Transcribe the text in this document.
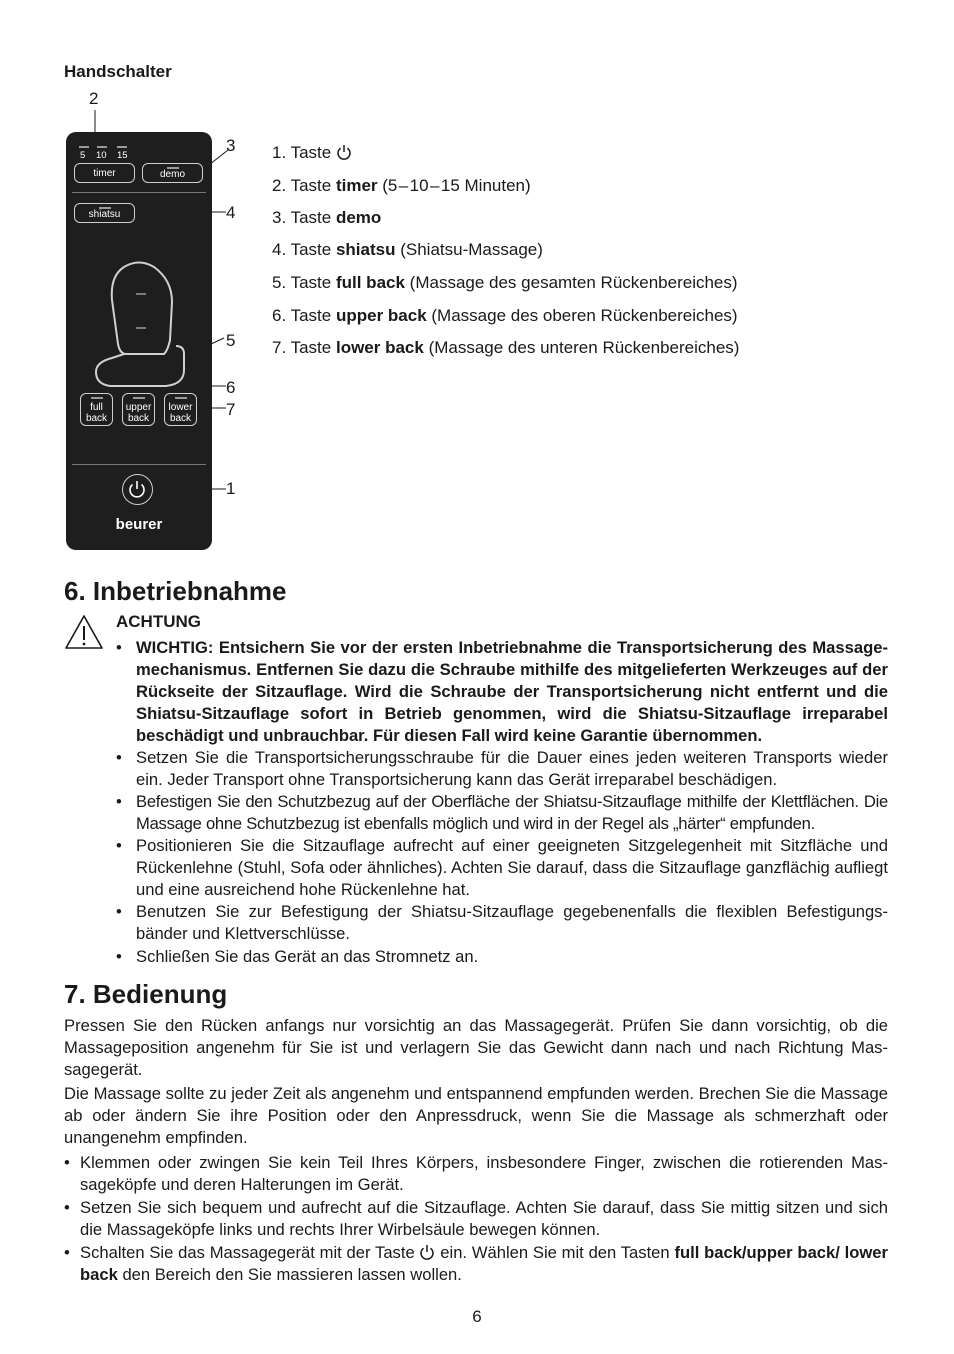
Handschalter
2
3
4
5
6
7
1
5 10 15
timer	demo
shiatsu
full
back
upper
back
lower
back
beurer
1. Taste
2. Taste timer (5 – 10 – 15 Minuten)
3. Taste demo
4. Taste shiatsu (Shiatsu-Massage)
5. Taste full back (Massage des gesamten Rückenbereiches)
6. Taste upper back (Massage des oberen Rückenbereiches)
7. Taste lower back (Massage des unteren Rückenbereiches)
6. Inbetriebnahme
ACHTUNG
• WICHTIG: Entsichern Sie vor der ersten Inbetriebnahme die Transportsicherung des Massage-mechanismus. Entfernen Sie dazu die Schraube mithilfe des mitgelieferten Werkzeuges auf der Rückseite der Sitzauflage. Wird die Schraube der Transportsicherung nicht entfernt und die Shiatsu-Sitzauflage sofort in Betrieb genommen, wird die Shiatsu-Sitzauflage irreparabel beschädigt und unbrauchbar. Für diesen Fall wird keine Garantie übernommen.
• Setzen Sie die Transportsicherungsschraube für die Dauer eines jeden weiteren Transports wieder ein. Jeder Transport ohne Transportsicherung kann das Gerät irreparabel beschädigen.
• Befestigen Sie den Schutzbezug auf der Oberfläche der Shiatsu-Sitzauflage mithilfe der Klettflächen. Die Massage ohne Schutzbezug ist ebenfalls möglich und wird in der Regel als „härter“ empfunden.
• Positionieren Sie die Sitzauflage aufrecht auf einer geeigneten Sitzgelegenheit mit Sitzfläche und Rückenlehne (Stuhl, Sofa oder ähnliches). Achten Sie darauf, dass die Sitzauflage ganzflächig aufliegt und eine ausreichend hohe Rückenlehne hat.
• Benutzen Sie zur Befestigung der Shiatsu-Sitzauflage gegebenenfalls die flexiblen Befestigungs-bänder und Klettverschlüsse.
• Schließen Sie das Gerät an das Stromnetz an.
7. Bedienung
Pressen Sie den Rücken anfangs nur vorsichtig an das Massagegerät. Prüfen Sie dann vorsichtig, ob die Massageposition angenehm für Sie ist und verlagern Sie das Gewicht dann nach und nach Richtung Mas-sagegerät.
Die Massage sollte zu jeder Zeit als angenehm und entspannend empfunden werden. Brechen Sie die Massage ab oder ändern Sie ihre Position oder den Anpressdruck, wenn Sie die Massage als schmerzhaft oder unangenehm empfinden.
• Klemmen oder zwingen Sie kein Teil Ihres Körpers, insbesondere Finger, zwischen die rotierenden Mas-sageköpfe und deren Halterungen im Gerät.
• Setzen Sie sich bequem und aufrecht auf die Sitzauflage. Achten Sie darauf, dass Sie mittig sitzen und sich die Massageköpfe links und rechts Ihrer Wirbelsäule bewegen können.
• Schalten Sie das Massagegerät mit der Taste  ein. Wählen Sie mit den Tasten full back/upper back/ lower back den Bereich den Sie massieren lassen wollen.
6
